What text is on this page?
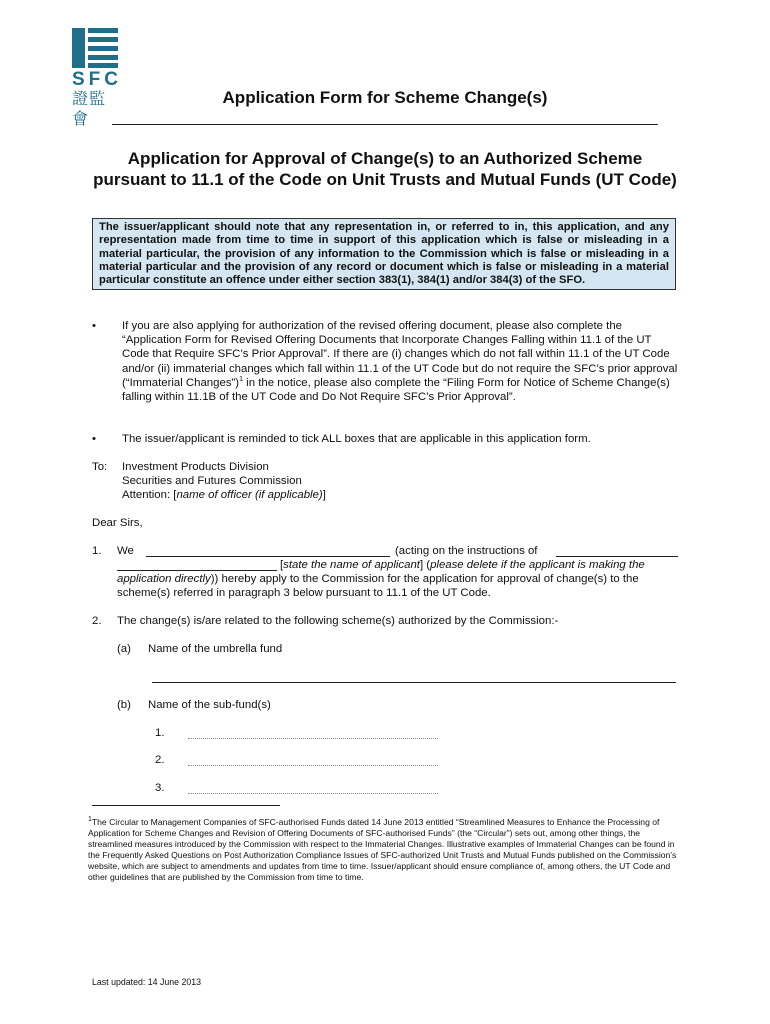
SFC
證監會
Application Form for Scheme Change(s)
Application for Approval of Change(s) to an Authorized Scheme pursuant to 11.1 of the Code on Unit Trusts and Mutual Funds (UT Code)
The issuer/applicant should note that any representation in, or referred to in, this application, and any representation made from time to time in support of this application which is false or misleading in a material particular, the provision of any information to the Commission which is false or misleading in a material particular and the provision of any record or document which is false or misleading in a material particular constitute an offence under either section 383(1), 384(1) and/or 384(3) of the SFO.
• If you are also applying for authorization of the revised offering document, please also complete the “Application Form for Revised Offering Documents that Incorporate Changes Falling within 11.1 of the UT Code that Require SFC’s Prior Approval”. If there are (i) changes which do not fall within 11.1 of the UT Code and/or (ii) immaterial changes which fall within 11.1 of the UT Code but do not require the SFC’s prior approval (“Immaterial Changes”)$^1$ in the notice, please also complete the “Filing Form for Notice of Scheme Change(s) falling within 11.1B of the UT Code and Do Not Require SFC’s Prior Approval”.
• The issuer/applicant is reminded to tick ALL boxes that are applicable in this application form.
To: Investment Products Division
Securities and Futures Commission
Attention: [name of officer (if applicable)]
Dear Sirs,
1. We	(acting on the instructions of
[state the name of applicant] (please delete if the applicant is making the application directly)) hereby apply to the Commission for the application for approval of change(s) to the scheme(s) referred in paragraph 3 below pursuant to 11.1 of the UT Code.
2. The change(s) is/are related to the following scheme(s) authorized by the Commission:-
(a) Name of the umbrella fund
(b) Name of the sub-fund(s)
1.
2.
3.
$^1$The Circular to Management Companies of SFC-authorised Funds dated 14 June 2013 entitled “Streamlined Measures to Enhance the Processing of Application for Scheme Changes and Revision of Offering Documents of SFC-authorised Funds” (the “Circular”) sets out, among other things, the streamlined measures introduced by the Commission with respect to the Immaterial Changes. Illustrative examples of Immaterial Changes can be found in the Frequently Asked Questions on Post Authorization Compliance Issues of SFC-authorized Unit Trusts and Mutual Funds published on the Commission’s website, which are subject to amendments and updates from time to time. Issuer/applicant should ensure compliance of, among others, the UT Code and other guidelines that are published by the Commission from time to time.
Last updated: 14 June 2013
